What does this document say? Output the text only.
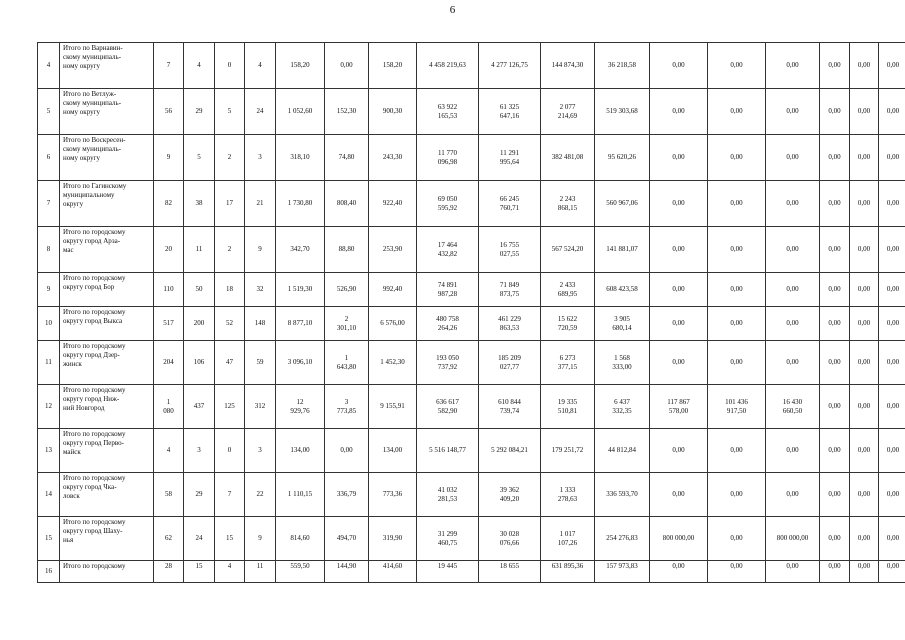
6
4	Итого по Варнавин-
скому муниципаль-
ному округу	7	4	0	4	158,20	0,00	158,20	4 458 219,63	4 277 126,75	144 874,30	36 218,58	0,00	0,00	0,00	0,00	0,00	0,00
5	Итого по Ветлуж-
скому муниципаль-
ному округу	56	29	5	24	1 052,60	152,30	900,30	63 922
165,53	61 325
647,16	2 077
214,69	519 303,68	0,00	0,00	0,00	0,00	0,00	0,00
6	Итого по Воскресен-
скому муниципаль-
ному округу	9	5	2	3	318,10	74,80	243,30	11 770
096,98	11 291
995,64	382 481,08	95 620,26	0,00	0,00	0,00	0,00	0,00	0,00
7	Итого по Гагинскому
муниципальному
округу	82	38	17	21	1 730,80	808,40	922,40	69 050
595,92	66 245
760,71	2 243
868,15	560 967,06	0,00	0,00	0,00	0,00	0,00	0,00
8	Итого по городскому
округу город Арза-
мас	20	11	2	9	342,70	88,80	253,90	17 464
432,82	16 755
027,55	567 524,20	141 881,07	0,00	0,00	0,00	0,00	0,00	0,00
9	Итого по городскому
округу город Бор	110	50	18	32	1 519,30	526,90	992,40	74 891
987,28	71 849
873,75	2 433
689,95	608 423,58	0,00	0,00	0,00	0,00	0,00	0,00
10	Итого по городскому
округу город Выкса	517	200	52	148	8 877,10	2
301,10	6 576,00	480 758
264,26	461 229
863,53	15 622
720,59	3 905
680,14	0,00	0,00	0,00	0,00	0,00	0,00
11	Итого по городскому
округу город Дзер-
жинск	204	106	47	59	3 096,10	1
643,80	1 452,30	193 050
737,92	185 209
027,77	6 273
377,15	1 568
333,00	0,00	0,00	0,00	0,00	0,00	0,00
12	Итого по городскому
округу город Ниж-
ний Новгород	1
080	437	125	312	12
929,76	3
773,85	9 155,91	636 617
582,90	610 844
739,74	19 335
510,81	6 437
332,35	117 867
578,00	101 436
917,50	16 430
660,50	0,00	0,00	0,00
13	Итого по городскому
округу город Перво-
майск	4	3	0	3	134,00	0,00	134,00	5 516 148,77	5 292 084,21	179 251,72	44 812,84	0,00	0,00	0,00	0,00	0,00	0,00
14	Итого по городскому
округу город Чка-
ловск	58	29	7	22	1 110,15	336,79	773,36	41 032
281,53	39 362
409,20	1 333
278,63	336 593,70	0,00	0,00	0,00	0,00	0,00	0,00
15	Итого по городскому
округу город Шаху-
нья	62	24	15	9	814,60	494,70	319,90	31 299
460,75	30 028
076,66	1 017
107,26	254 276,83	800 000,00	0,00	800 000,00	0,00	0,00	0,00
16	Итого по городскому	28	15	4	11	559,50	144,90	414,60	19 445	18 655	631 895,36	157 973,83	0,00	0,00	0,00	0,00	0,00	0,00
